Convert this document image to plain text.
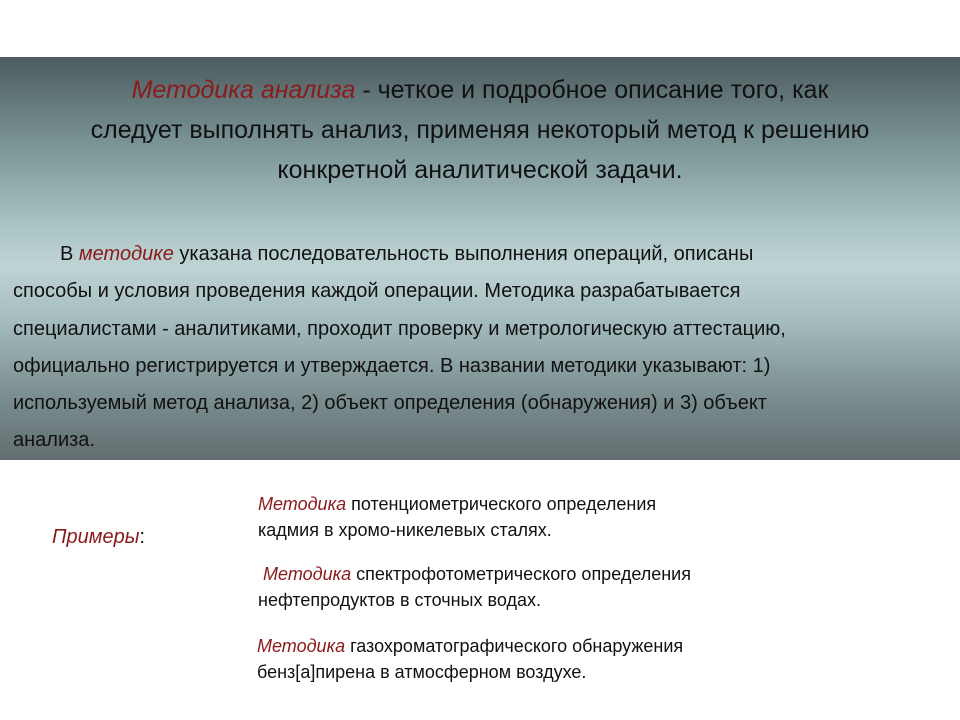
Методика анализа - четкое и подробное описание того, как
следует выполнять анализ, применяя некоторый метод к решению
конкретной аналитической задачи.
В методике указана последовательность выполнения операций, описаны
способы и условия проведения каждой операции. Методика разрабатывается
специалистами - аналитиками, проходит проверку и метрологическую аттестацию,
официально регистрируется и утверждается. В названии методики указывают: 1)
используемый метод анализа, 2) объект определения (обнаружения) и 3) объект
анализа.
Примеры:
Методика потенциометрического определения
кадмия в хромо-никелевых сталях.
Методика спектрофотометрического определения
нефтепродуктов в сточных водах.
Методика газохроматографического обнаружения
бенз[а]пирена в атмосферном воздухе.
